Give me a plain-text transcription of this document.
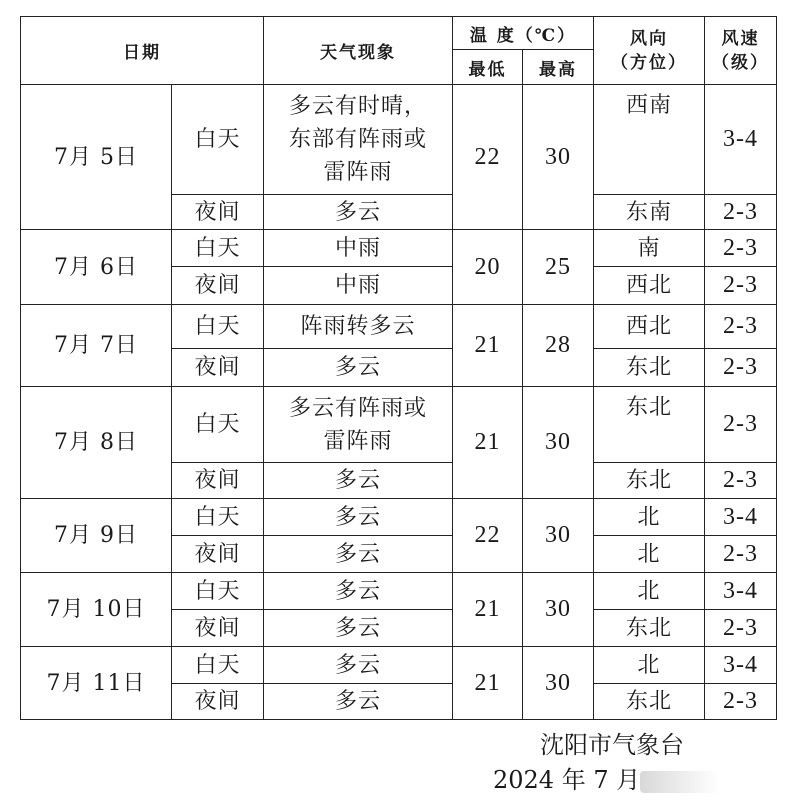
日期		天气现象	温 度（℃）		风向
（方位）	风速
（级）
			最低	最高		
7月 5日	白天	多云有时晴，
东部有阵雨或
雷阵雨	22	30	西南	3-4
	夜间	多云			东南	2-3
7月 6日	白天	中雨	20	25	南	2-3
	夜间	中雨			西北	2-3
7月 7日	白天	阵雨转多云	21	28	西北	2-3
	夜间	多云			东北	2-3
7月 8日	白天	多云有阵雨或
雷阵雨	21	30	东北	2-3
	夜间	多云			东北	2-3
7月 9日	白天	多云	22	30	北	3-4
	夜间	多云			北	2-3
7月 10日	白天	多云	21	30	北	3-4
	夜间	多云			东北	2-3
7月 11日	白天	多云	21	30	北	3-4
	夜间	多云			东北	2-3
沈阳市气象台
2024 年 7 月
